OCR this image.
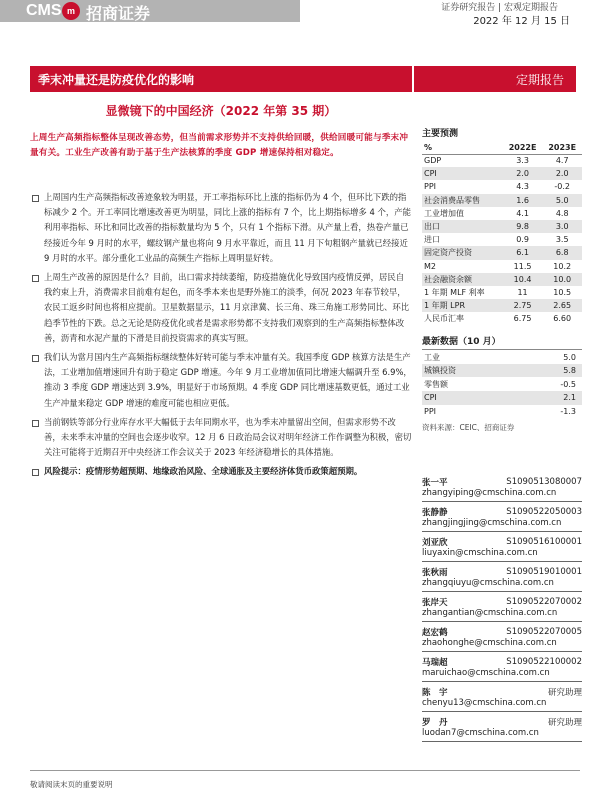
CMS m 招商证券	证券研究报告 | 宏观定期报告
2022 年 12 月 15 日
季末冲量还是防疫优化的影响	定期报告
显微镜下的中国经济（2022 年第 35 期）
上周生产高频指标整体呈现改善态势，但当前需求形势并不支持供给回暖，供给回暖可能与季末冲量有关。工业生产改善有助于基于生产法核算的季度 GDP 增速保持相对稳定。
上周国内生产高频指标改善迹象较为明显，开工率指标环比上涨的指标仍为 4 个，但环比下跌的指标减少 2 个。开工率同比增速改善更为明显，同比上涨的指标有 7 个，比上期指标增多 4 个，产能利用率指标、环比和同比改善的指标数量均为 5 个，只有 1 个指标下滑。从产量上看，热卷产量已经接近今年 9 月时的水平，螺纹钢产量也将向 9 月水平靠近，而且 11 月下旬粗钢产量就已经接近 9 月时的水平。部分重化工业品的高频生产指标上周明显好转。
上周生产改善的原因是什么？目前，出口需求持续萎缩，防疫措施优化导致国内疫情反弹，居民自我约束上升，消费需求目前难有起色，而冬季本来也是野外施工的淡季，何况 2023 年春节较早，农民工返乡时间也将相应提前。卫星数据显示，11 月京津冀、长三角、珠三角施工形势同比、环比趋季节性的下跌。总之无论是防疫优化或者是需求形势都不支持我们观察到的生产高频指标整体改善，沥青和水泥产量的下滑是目前投资需求的真实写照。
我们认为當月国内生产高频指标继续整体好转可能与季末冲量有关。我国季度 GDP 核算方法是生产法，工业增加值增速回升有助于稳定 GDP 增速。今年 9 月工业增加值同比增速大幅调升至 6.9%，推动 3 季度 GDP 增速达到 3.9%，明显好于市场预期。4 季度 GDP 同比增速基数更低，通过工业生产冲量来稳定 GDP 增速的难度可能也相应更低。
当前钢铁等部分行业库存水平大幅低于去年同期水平，也为季末冲量留出空间，但需求形势不改善，未来季末冲量的空间也会逐步收窄。12 月 6 日政治局会议对明年经济工作作调整为积极，密切关注可能将于近期召开中央经济工作会议关于 2023 年经济稳增长的具体措施。
风险提示：疫情形势超预期、地缘政治风险、全球通胀及主要经济体货币政策超预期。
主要预测
%	2022E	2023E
GDP	3.3	4.7
CPI	2.0	2.0
PPI	4.3	-0.2
社会消费品零售	1.6	5.0
工业增加值	4.1	4.8
出口	9.8	3.0
进口	0.9	3.5
固定资产投资	6.1	6.8
M2	11.5	10.2
社会融资余额	10.4	10.0
1 年期 MLF 利率	11	10.5
1 年期 LPR	2.75	2.65
人民币汇率	6.75	6.60
最新数据（10 月）
工业	5.0
城镇投资	5.8
零售额	-0.5
CPI	2.1
PPI	-1.3
资料来源：CEIC、招商证券
张一平	S1090513080007
zhangyiping@cmschina.com.cn
张静静	S1090522050003
zhangjingjing@cmschina.com.cn
刘亚欣	S1090516100001
liuyaxin@cmschina.com.cn
张秋雨	S1090519010001
zhangqiuyu@cmschina.com.cn
张岸天	S1090522070002
zhangantian@cmschina.com.cn
赵宏鹤	S1090522070005
zhaohonghe@cmschina.com.cn
马瑞超	S1090522100002
maruichao@cmschina.com.cn
陈　宇	研究助理
chenyu13@cmschina.com.cn
罗　丹	研究助理
luodan7@cmschina.com.cn
敬请阅读末页的重要说明
